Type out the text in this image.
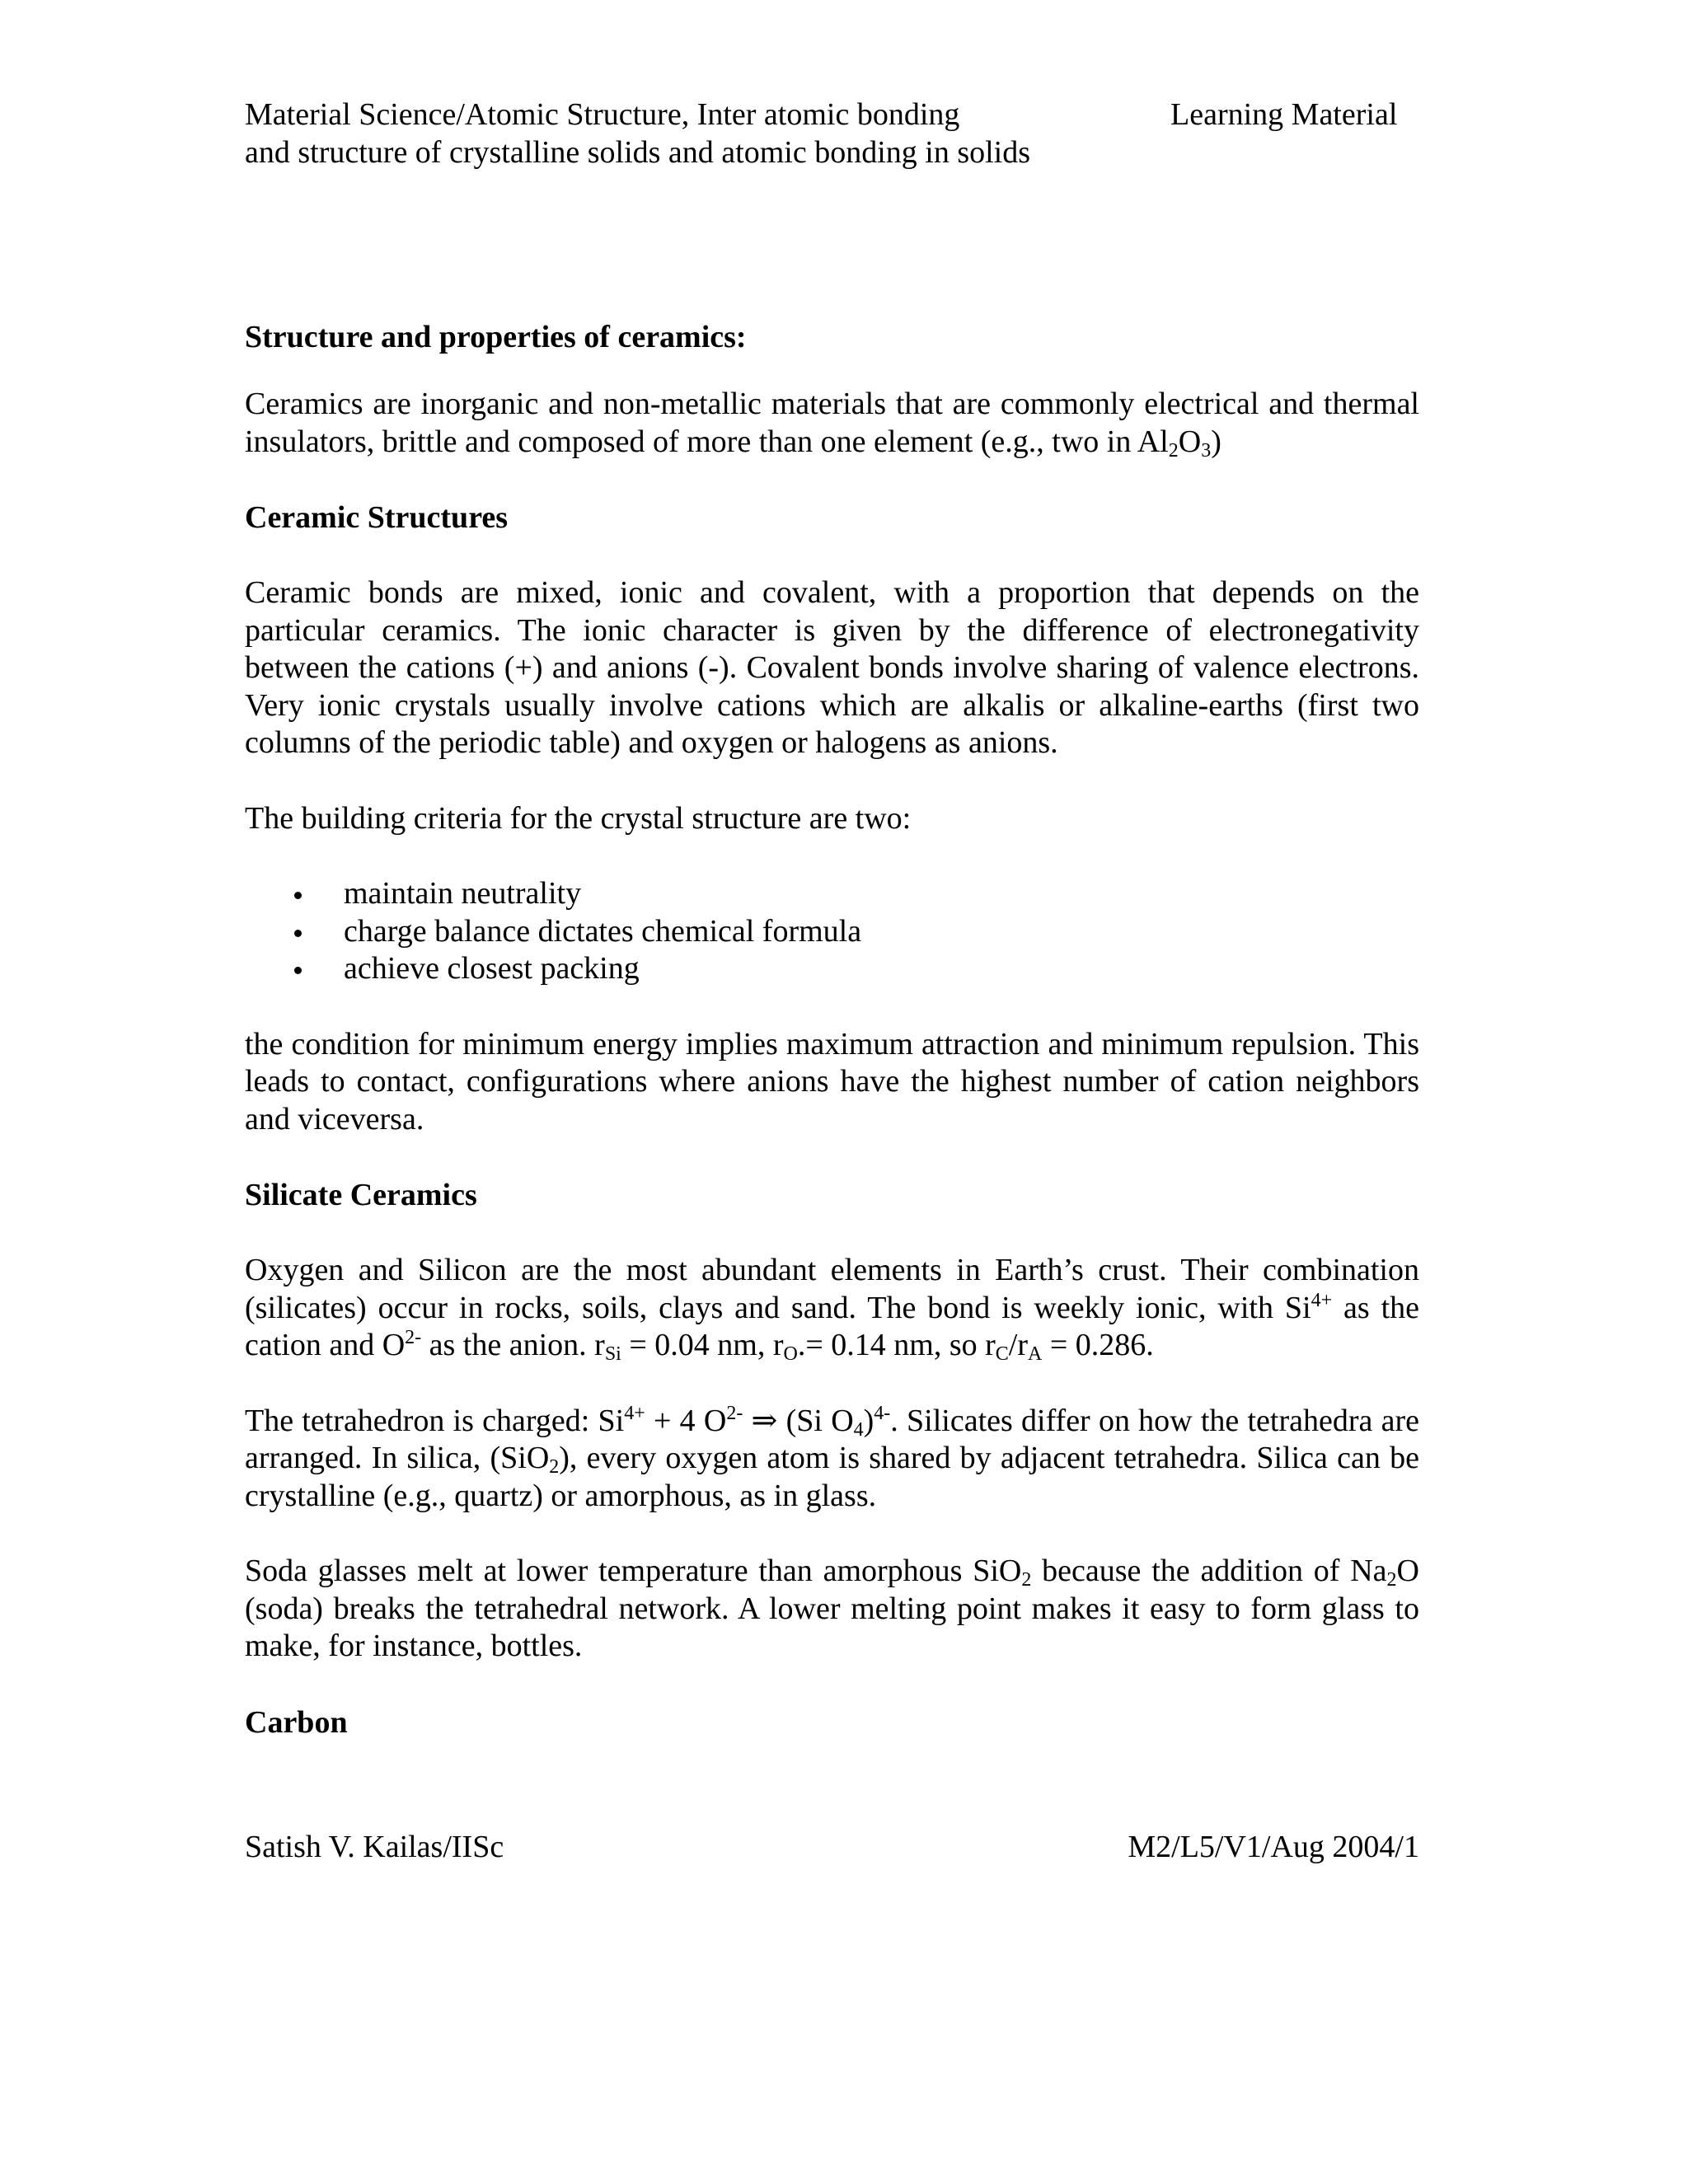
Material Science/Atomic Structure, Inter atomic bonding
and structure of crystalline solids and atomic bonding in solids
Learning Material
Structure and properties of ceramics:

Ceramics are inorganic and non-metallic materials that are commonly electrical and thermal insulators, brittle and composed of more than one element (e.g., two in $Al_2O_3$)

Ceramic Structures

Ceramic bonds are mixed, ionic and covalent, with a proportion that depends on the particular ceramics. The ionic character is given by the difference of electronegativity between the cations (+) and anions (-). Covalent bonds involve sharing of valence electrons. Very ionic crystals usually involve cations which are alkalis or alkaline-earths (first two columns of the periodic table) and oxygen or halogens as anions.

The building criteria for the crystal structure are two:

maintain neutrality
charge balance dictates chemical formula
achieve closest packing

the condition for minimum energy implies maximum attraction and minimum repulsion. This leads to contact, configurations where anions have the highest number of cation neighbors and viceversa.

Silicate Ceramics

Oxygen and Silicon are the most abundant elements in Earth’s crust. Their combination (silicates) occur in rocks, soils, clays and sand. The bond is weekly ionic, with $Si^{4+}$ as the cation and $O^{2-}$ as the anion. $r_{Si} = 0.04$ nm, $r_O.= 0.14$ nm, so $r_C/r_A = 0.286$.

The tetrahedron is charged: $Si^{4+} + 4$ $O^{2-}$ ⇒ (Si $O_4)^{4-}$. Silicates differ on how the tetrahedra are arranged. In silica, (SiO$_2$), every oxygen atom is shared by adjacent tetrahedra. Silica can be crystalline (e.g., quartz) or amorphous, as in glass.

Soda glasses melt at lower temperature than amorphous SiO$_2$ because the addition of $Na_2O$ (soda) breaks the tetrahedral network. A lower melting point makes it easy to form glass to make, for instance, bottles.

Carbon
Satish V. Kailas/IISc	M2/L5/V1/Aug 2004/1
